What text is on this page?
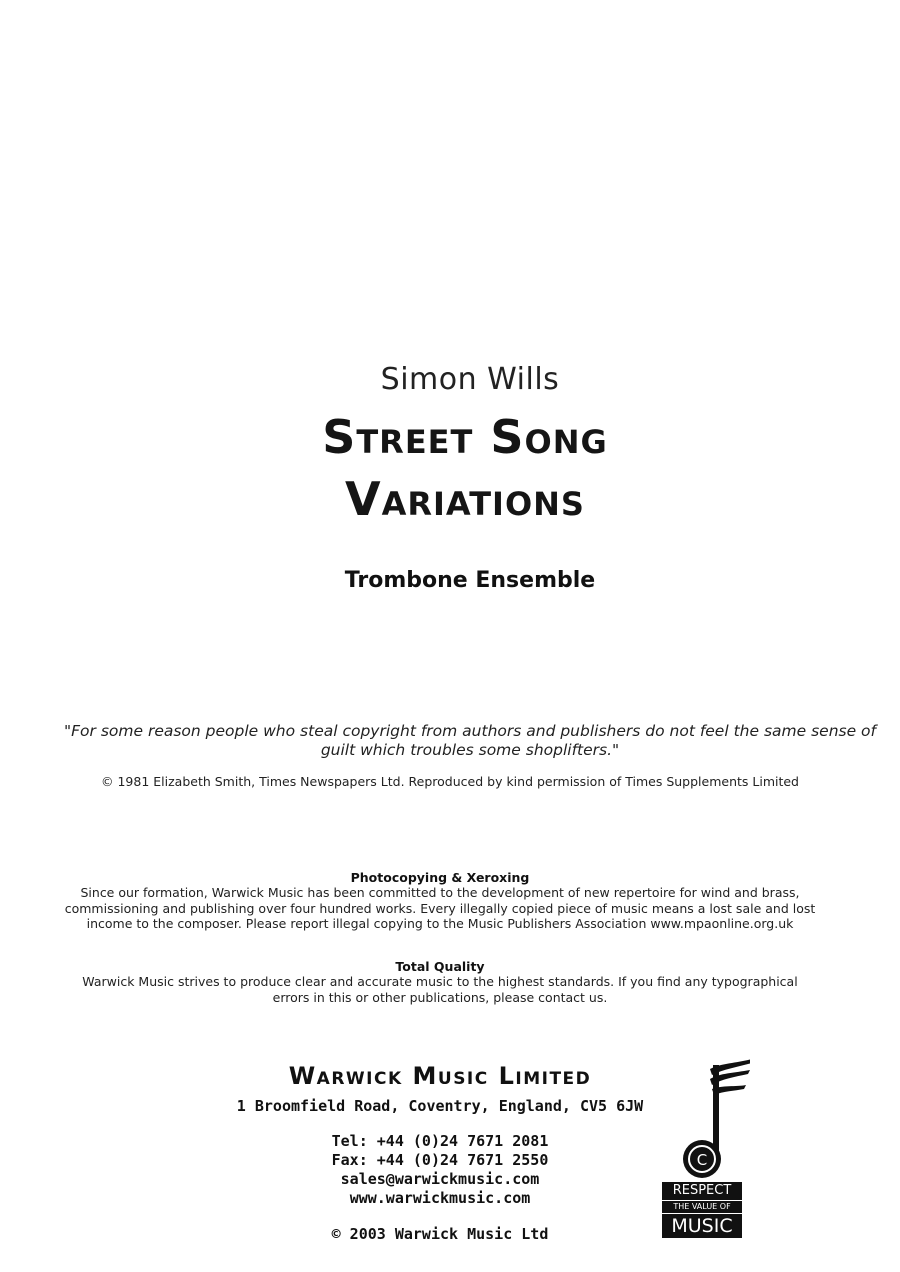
Simon Wills
Street Song
Variations
Trombone Ensemble
"For some reason people who steal copyright from authors and publishers do not feel the same sense of guilt which troubles some shoplifters."
© 1981 Elizabeth Smith, Times Newspapers Ltd. Reproduced by kind permission of Times Supplements Limited
Photocopying & Xeroxing
Since our formation, Warwick Music has been committed to the development of new repertoire for wind and brass, commissioning and publishing over four hundred works. Every illegally copied piece of music means a lost sale and lost income to the composer. Please report illegal copying to the Music Publishers Association www.mpaonline.org.uk
Total Quality
Warwick Music strives to produce clear and accurate music to the highest standards. If you find any typographical errors in this or other publications, please contact us.
Warwick Music Limited
1 Broomfield Road, Coventry, England, CV5 6JW
Tel: +44 (0)24 7671 2081
Fax: +44 (0)24 7671 2550
sales@warwickmusic.com
www.warwickmusic.com
© 2003 Warwick Music Ltd
C
RESPECT
THE VALUE OF
MUSIC
